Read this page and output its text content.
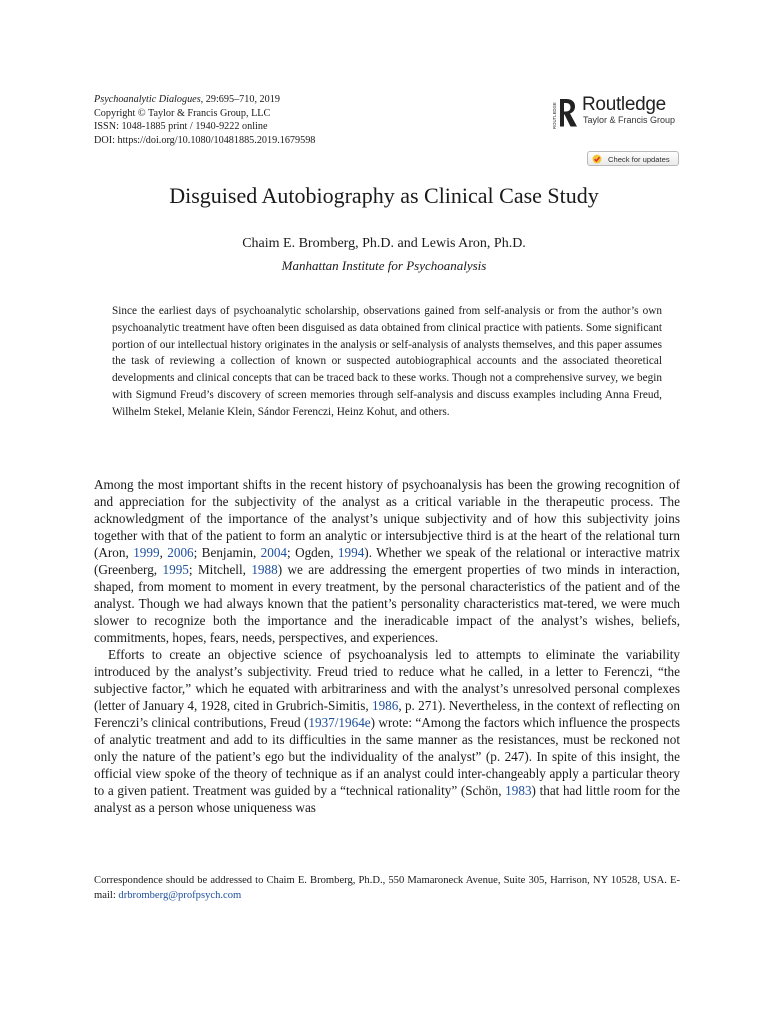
Psychoanalytic Dialogues, 29:695–710, 2019
Copyright © Taylor & Francis Group, LLC
ISSN: 1048-1885 print / 1940-9222 online
DOI: https://doi.org/10.1080/10481885.2019.1679598
ROUTLEDGE Routledge
Taylor & Francis Group
Check for updates
Disguised Autobiography as Clinical Case Study
Chaim E. Bromberg, Ph.D. and Lewis Aron, Ph.D.
Manhattan Institute for Psychoanalysis

Since the earliest days of psychoanalytic scholarship, observations gained from self-analysis or from the author’s own psychoanalytic treatment have often been disguised as data obtained from clinical practice with patients. Some significant portion of our intellectual history originates in the analysis or self-analysis of analysts themselves, and this paper assumes the task of reviewing a collection of known or suspected autobiographical accounts and the associated theoretical developments and clinical concepts that can be traced back to these works. Though not a comprehensive survey, we begin with Sigmund Freud’s discovery of screen memories through self-analysis and discuss examples including Anna Freud, Wilhelm Stekel, Melanie Klein, Sándor Ferenczi, Heinz Kohut, and others.

Among the most important shifts in the recent history of psychoanalysis has been the growing recognition of and appreciation for the subjectivity of the analyst as a critical variable in the therapeutic process. The acknowledgment of the importance of the analyst’s unique subjectivity and of how this subjectivity joins together with that of the patient to form an analytic or intersubjective third is at the heart of the relational turn (Aron, 1999, 2006; Benjamin, 2004; Ogden, 1994). Whether we speak of the relational or interactive matrix (Greenberg, 1995; Mitchell, 1988) we are addressing the emergent properties of two minds in interaction, shaped, from moment to moment in every treatment, by the personal characteristics of the patient and of the analyst. Though we had always known that the patient’s personality characteristics mat-tered, we were much slower to recognize both the importance and the ineradicable impact of the analyst’s wishes, beliefs, commitments, hopes, fears, needs, perspectives, and experiences.

Efforts to create an objective science of psychoanalysis led to attempts to eliminate the variability introduced by the analyst’s subjectivity. Freud tried to reduce what he called, in a letter to Ferenczi, “the subjective factor,” which he equated with arbitrariness and with the analyst’s unresolved personal complexes (letter of January 4, 1928, cited in Grubrich-Simitis, 1986, p. 271). Nevertheless, in the context of reflecting on Ferenczi’s clinical contributions, Freud (1937/1964e) wrote: “Among the factors which influence the prospects of analytic treatment and add to its difficulties in the same manner as the resistances, must be reckoned not only the nature of the patient’s ego but the individuality of the analyst” (p. 247). In spite of this insight, the official view spoke of the theory of technique as if an analyst could inter-changeably apply a particular theory to a given patient. Treatment was guided by a “technical rationality” (Schön, 1983) that had little room for the analyst as a person whose uniqueness was

Correspondence should be addressed to Chaim E. Bromberg, Ph.D., 550 Mamaroneck Avenue, Suite 305, Harrison, NY 10528, USA. E-mail: drbromberg@profpsych.com
